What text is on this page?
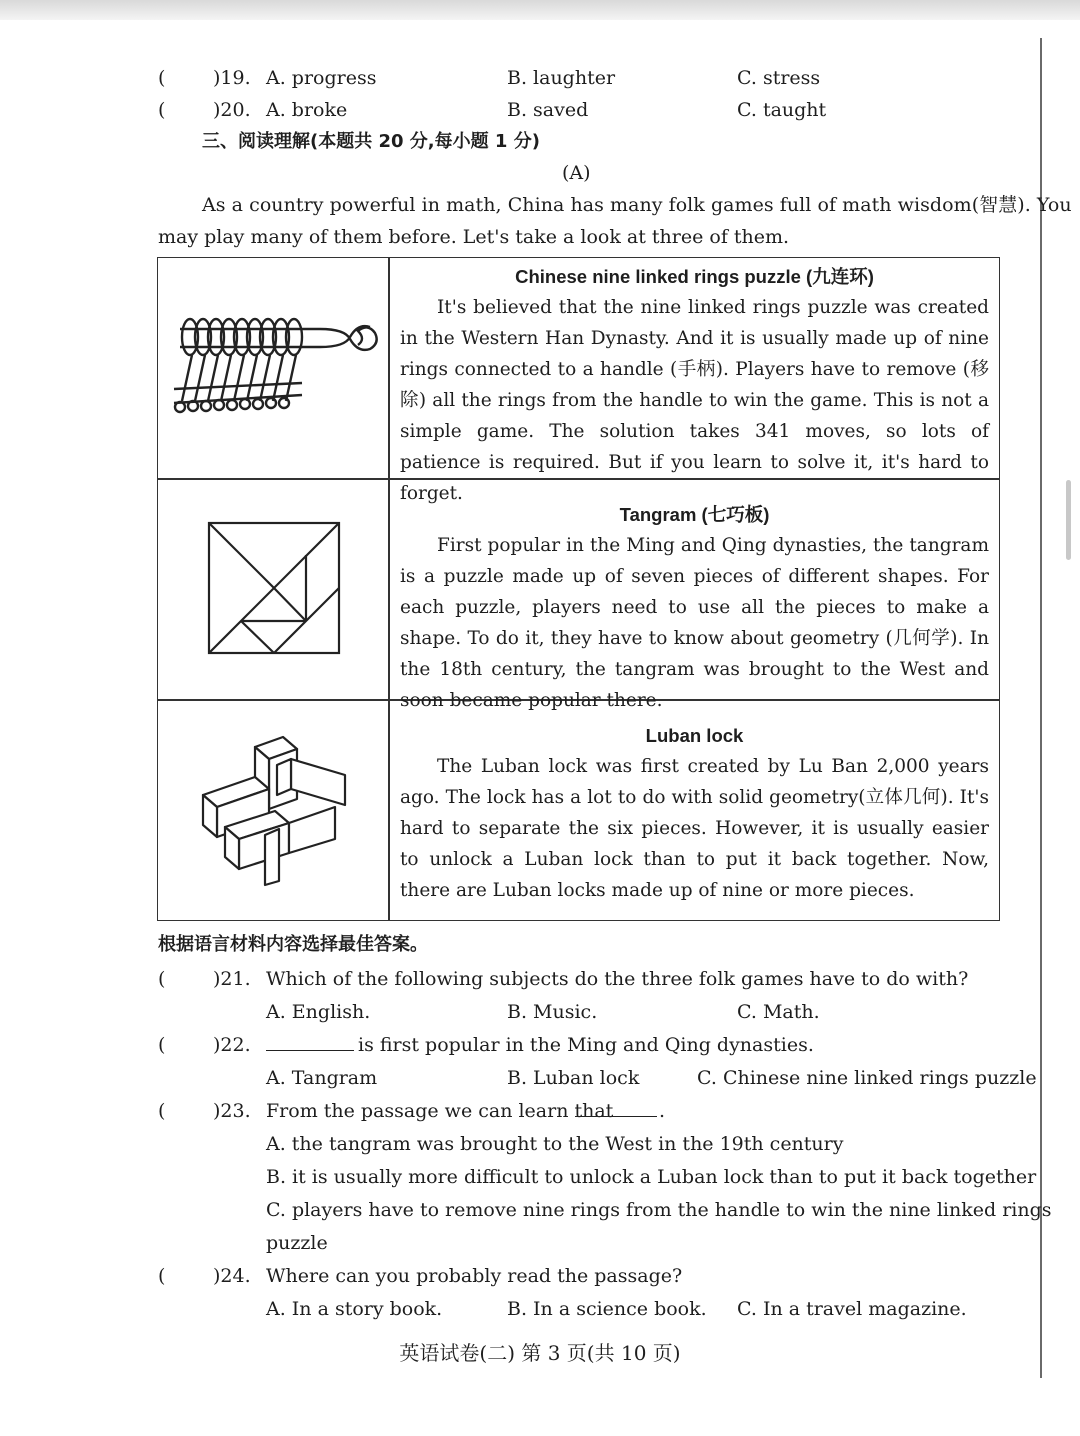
(	)19. A. progress	B. laughter	C. stress
(	)20. A. broke	B. saved	C. taught
三、阅读理解(本题共 20 分,每小题 1 分)
(A)
As a country powerful in math, China has many folk games full of math wisdom(智慧). You
may play many of them before. Let's take a look at three of them.
Chinese nine linked rings puzzle (九连环)
It's believed that the nine linked rings puzzle was created in the Western Han Dynasty. And it is usually made up of nine rings connected to a handle (手柄). Players have to remove (移除) all the rings from the handle to win the game. This is not a simple game. The solution takes 341 moves, so lots of patience is required. But if you learn to solve it, it's hard to forget.
Tangram (七巧板)
First popular in the Ming and Qing dynasties, the tangram is a puzzle made up of seven pieces of different shapes. For each puzzle, players need to use all the pieces to make a shape. To do it, they have to know about geometry (几何学). In the 18th century, the tangram was brought to the West and soon became popular there.
Luban lock
The Luban lock was first created by Lu Ban 2,000 years ago. The lock has a lot to do with solid geometry(立体几何). It's hard to separate the six pieces. However, it is usually easier to unlock a Luban lock than to put it back together. Now, there are Luban locks made up of nine or more pieces.
根据语言材料内容选择最佳答案。
(	)21. Which of the following subjects do the three folk games have to do with?
A. English.	B. Music.	C. Math.
(	)22.	is first popular in the Ming and Qing dynasties.
A. Tangram	B. Luban lock	C. Chinese nine linked rings puzzle
(	)23. From the passage we can learn that .
A. the tangram was brought to the West in the 19th century
B. it is usually more difficult to unlock a Luban lock than to put it back together
C. players have to remove nine rings from the handle to win the nine linked rings
puzzle
(	)24. Where can you probably read the passage?
A. In a story book.	B. In a science book. C. In a travel magazine.
英语试卷(二) 第 3 页(共 10 页)
